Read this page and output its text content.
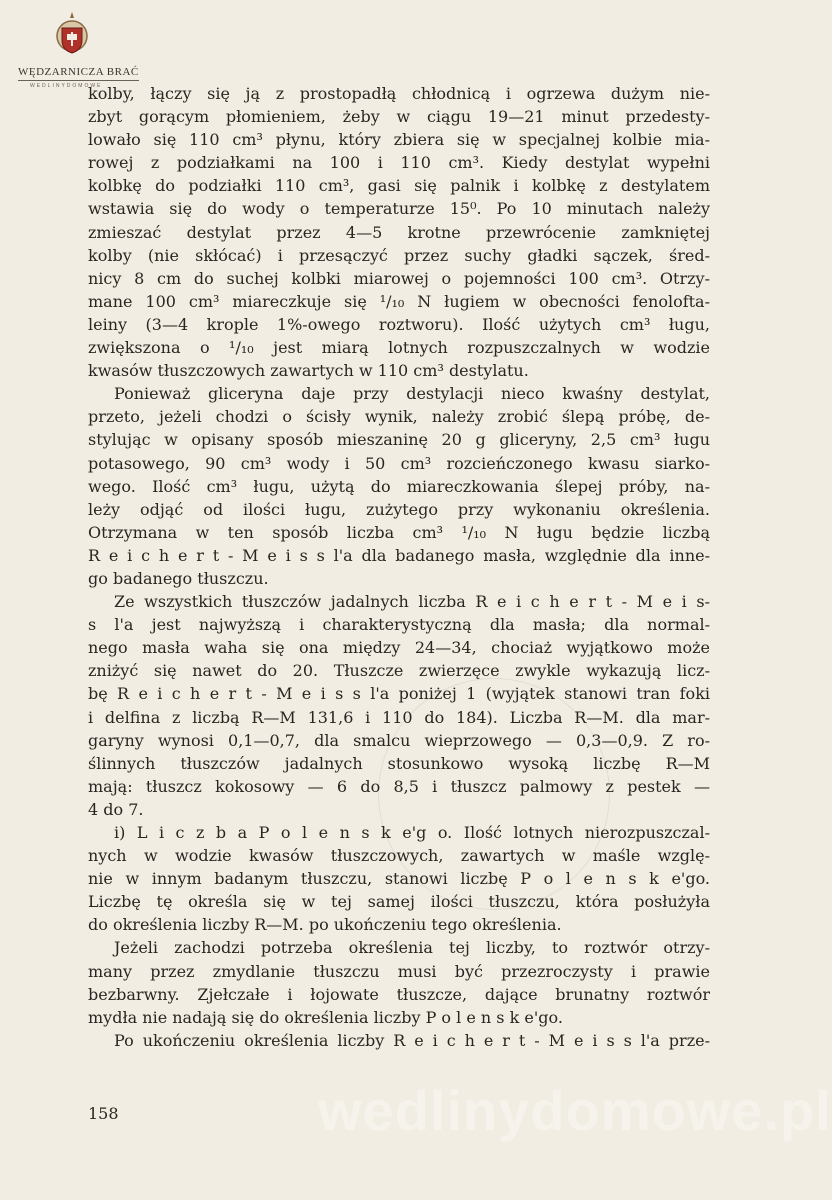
WĘDZARNICZA BRAĆ
WEDLINYDOMOWE
kolby, łączy się ją z prostopadłą chłodnicą i ogrzewa dużym nie-
zbyt gorącym płomieniem, żeby w ciągu 19—21 minut przedesty-
lowało się 110 cm³ płynu, który zbiera się w specjalnej kolbie mia-
rowej z podziałkami na 100 i 110 cm³. Kiedy destylat wypełni
kolbkę do podziałki 110 cm³, gasi się palnik i kolbkę z destylatem
wstawia się do wody o temperaturze 15⁰. Po 10 minutach należy
zmieszać destylat przez 4—5 krotne przewrócenie zamkniętej
kolby (nie skłócać) i przesączyć przez suchy gładki sączek, śred-
nicy 8 cm do suchej kolbki miarowej o pojemności 100 cm³. Otrzy-
mane 100 cm³ miareczkuje się ¹/₁₀ N ługiem w obecności fenolofta-
leiny (3—4 krople 1%-owego roztworu). Ilość użytych cm³ ługu,
zwiększona o ¹/₁₀ jest miarą lotnych rozpuszczalnych w wodzie
kwasów tłuszczowych zawartych w 110 cm³ destylatu.
Ponieważ gliceryna daje przy destylacji nieco kwaśny destylat,
przeto, jeżeli chodzi o ścisły wynik, należy zrobić ślepą próbę, de-
stylując w opisany sposób mieszaninę 20 g gliceryny, 2,5 cm³ ługu
potasowego, 90 cm³ wody i 50 cm³ rozcieńczonego kwasu siarko-
wego. Ilość cm³ ługu, użytą do miareczkowania ślepej próby, na-
leży odjąć od ilości ługu, zużytego przy wykonaniu określenia.
Otrzymana w ten sposób liczba cm³ ¹/₁₀ N ługu będzie liczbą
R e i c h e r t - M e i s s l'a dla badanego masła, względnie dla inne-
go badanego tłuszczu.
Ze wszystkich tłuszczów jadalnych liczba R e i c h e r t - M e i s-
s l'a jest najwyższą i charakterystyczną dla masła; dla normal-
nego masła waha się ona między 24—34, chociaż wyjątkowo może
zniżyć się nawet do 20. Tłuszcze zwierzęce zwykle wykazują licz-
bę R e i c h e r t - M e i s s l'a poniżej 1 (wyjątek stanowi tran foki
i delfina z liczbą R—M 131,6 i 110 do 184). Liczba R—M. dla mar-
garyny wynosi 0,1—0,7, dla smalcu wieprzowego — 0,3—0,9. Z ro-
ślinnych tłuszczów jadalnych stosunkowo wysoką liczbę R—M
mają: tłuszcz kokosowy — 6 do 8,5 i tłuszcz palmowy z pestek —
4 do 7.
i) L i c z b a P o l e n s k e'g o. Ilość lotnych nierozpuszczal-
nych w wodzie kwasów tłuszczowych, zawartych w maśle wzglę-
nie w innym badanym tłuszczu, stanowi liczbę P o l e n s k e'go.
Liczbę tę określa się w tej samej ilości tłuszczu, która posłużyła
do określenia liczby R—M. po ukończeniu tego określenia.
Jeżeli zachodzi potrzeba określenia tej liczby, to roztwór otrzy-
many przez zmydlanie tłuszczu musi być przezroczysty i prawie
bezbarwny. Zjełczałe i łojowate tłuszcze, dające brunatny roztwór
mydła nie nadają się do określenia liczby P o l e n s k e'go.
Po ukończeniu określenia liczby R e i c h e r t - M e i s s l'a prze-
wedlinydomowe.pl
158
